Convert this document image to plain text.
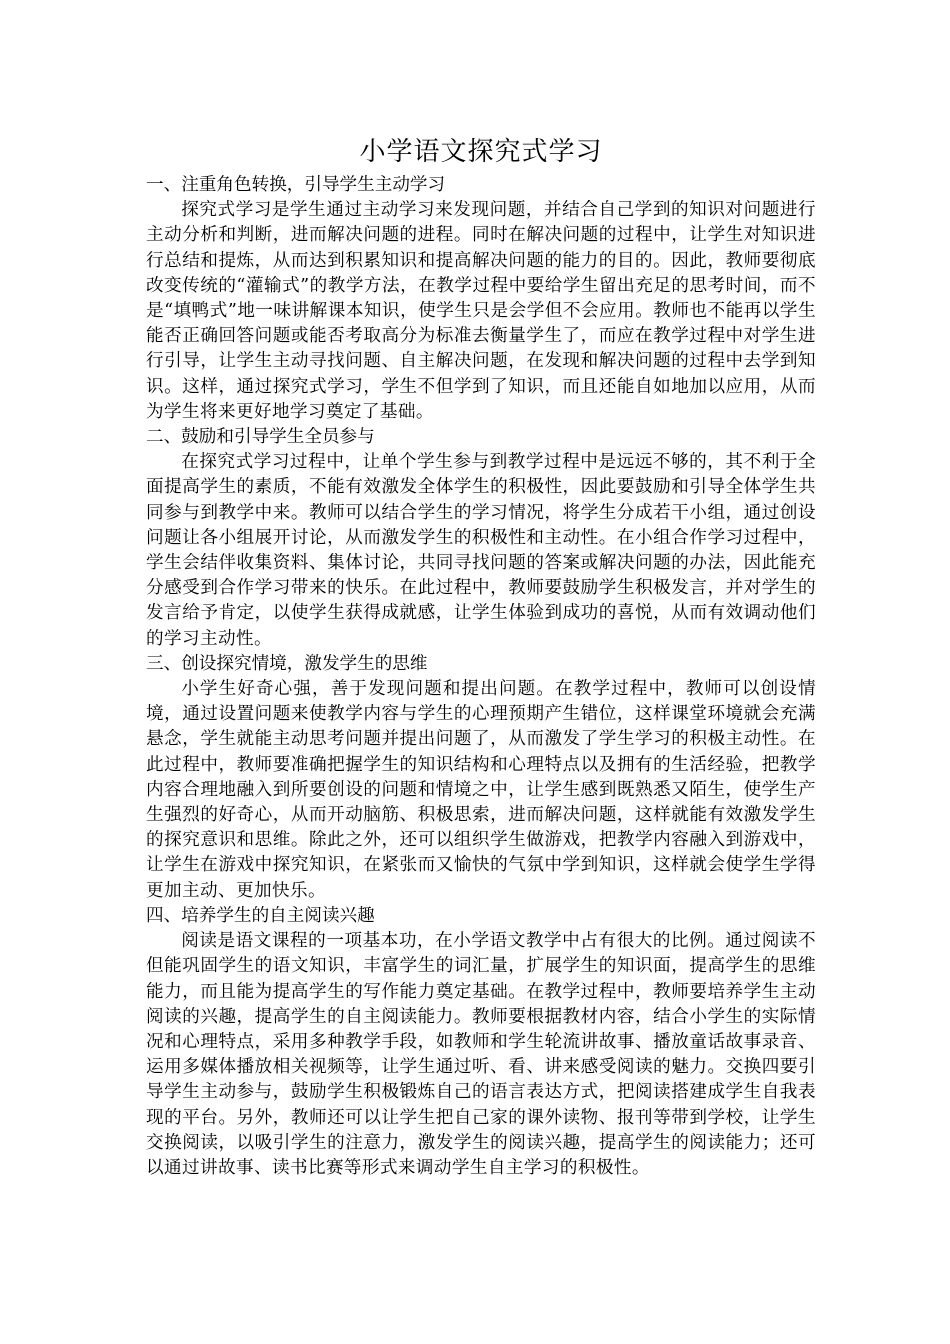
小学语文探究式学习

一、注重角色转换，引导学生主动学习

探究式学习是学生通过主动学习来发现问题，并结合自己学到的知识对问题进行主动分析和判断，进而解决问题的进程。同时在解决问题的过程中，让学生对知识进行总结和提炼，从而达到积累知识和提高解决问题的能力的目的。因此，教师要彻底改变传统的“灌输式”的教学方法，在教学过程中要给学生留出充足的思考时间，而不是“填鸭式”地一味讲解课本知识，使学生只是会学但不会应用。教师也不能再以学生能否正确回答问题或能否考取高分为标准去衡量学生了，而应在教学过程中对学生进行引导，让学生主动寻找问题、自主解决问题，在发现和解决问题的过程中去学到知识。这样，通过探究式学习，学生不但学到了知识，而且还能自如地加以应用，从而为学生将来更好地学习奠定了基础。

二、鼓励和引导学生全员参与

在探究式学习过程中，让单个学生参与到教学过程中是远远不够的，其不利于全面提高学生的素质，不能有效激发全体学生的积极性，因此要鼓励和引导全体学生共同参与到教学中来。教师可以结合学生的学习情况，将学生分成若干小组，通过创设问题让各小组展开讨论，从而激发学生的积极性和主动性。在小组合作学习过程中，学生会结伴收集资料、集体讨论，共同寻找问题的答案或解决问题的办法，因此能充分感受到合作学习带来的快乐。在此过程中，教师要鼓励学生积极发言，并对学生的发言给予肯定，以使学生获得成就感，让学生体验到成功的喜悦，从而有效调动他们的学习主动性。

三、创设探究情境，激发学生的思维

小学生好奇心强，善于发现问题和提出问题。在教学过程中，教师可以创设情境，通过设置问题来使教学内容与学生的心理预期产生错位，这样课堂环境就会充满悬念，学生就能主动思考问题并提出问题了，从而激发了学生学习的积极主动性。在此过程中，教师要准确把握学生的知识结构和心理特点以及拥有的生活经验，把教学内容合理地融入到所要创设的问题和情境之中，让学生感到既熟悉又陌生，使学生产生强烈的好奇心，从而开动脑筋、积极思索，进而解决问题，这样就能有效激发学生的探究意识和思维。除此之外，还可以组织学生做游戏，把教学内容融入到游戏中，让学生在游戏中探究知识，在紧张而又愉快的气氛中学到知识，这样就会使学生学得更加主动、更加快乐。

四、培养学生的自主阅读兴趣

阅读是语文课程的一项基本功，在小学语文教学中占有很大的比例。通过阅读不但能巩固学生的语文知识，丰富学生的词汇量，扩展学生的知识面，提高学生的思维能力，而且能为提高学生的写作能力奠定基础。在教学过程中，教师要培养学生主动阅读的兴趣，提高学生的自主阅读能力。教师要根据教材内容，结合小学生的实际情况和心理特点，采用多种教学手段，如教师和学生轮流讲故事、播放童话故事录音、运用多媒体播放相关视频等，让学生通过听、看、讲来感受阅读的魅力。交换四要引导学生主动参与，鼓励学生积极锻炼自己的语言表达方式，把阅读搭建成学生自我表现的平台。另外，教师还可以让学生把自己家的课外读物、报刊等带到学校，让学生交换阅读，以吸引学生的注意力，激发学生的阅读兴趣，提高学生的阅读能力；还可以通过讲故事、读书比赛等形式来调动学生自主学习的积极性。
